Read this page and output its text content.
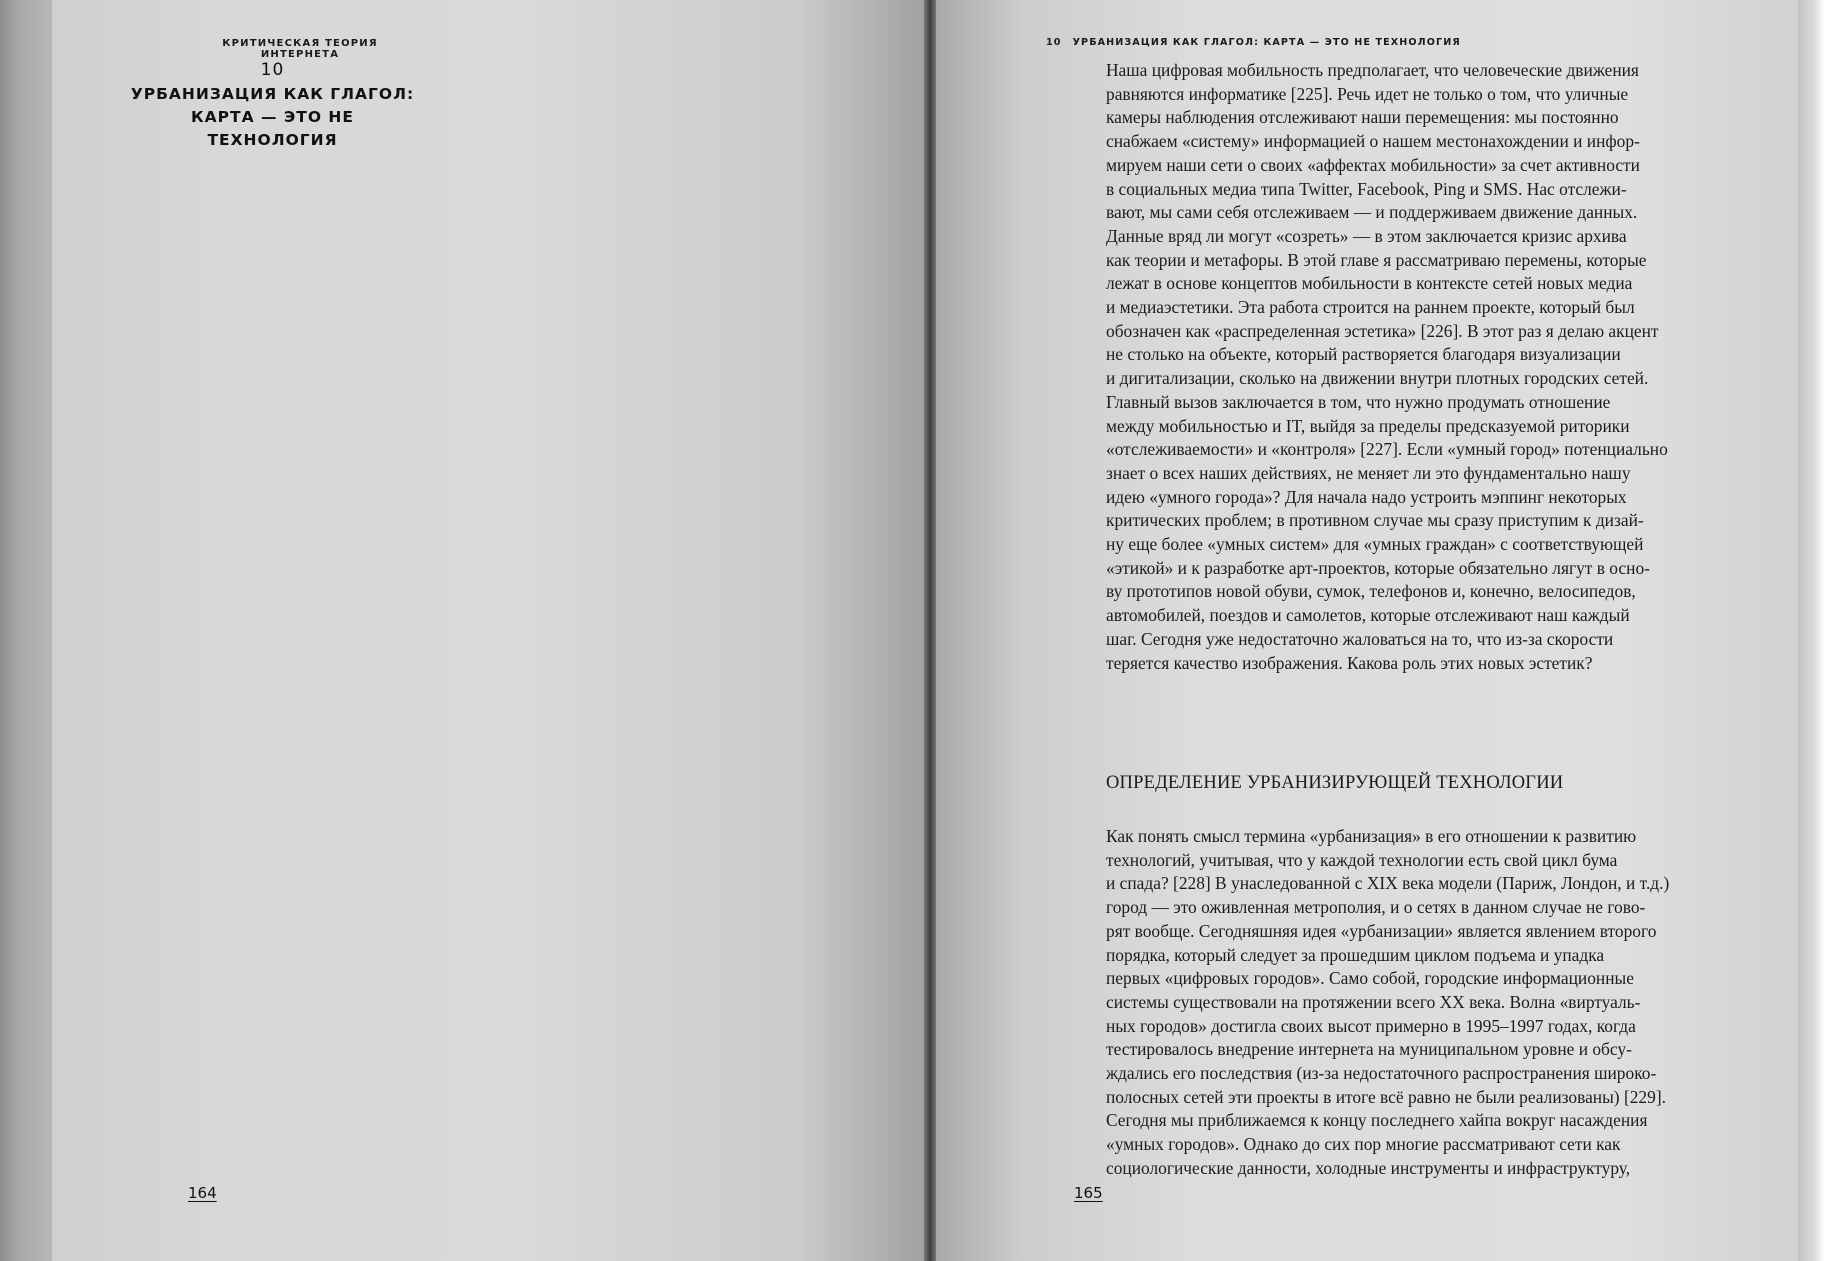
КРИТИЧЕСКАЯ ТЕОРИЯ ИНТЕРНЕТА
10
УРБАНИЗАЦИЯ КАК ГЛАГОЛ:
КАРТА — ЭТО НЕ ТЕХНОЛОГИЯ
164
10 УРБАНИЗАЦИЯ КАК ГЛАГОЛ: КАРТА — ЭТО НЕ ТЕХНОЛОГИЯ
Наша цифровая мобильность предполагает, что человеческие движения
равняются информатике [225]. Речь идет не только о том, что уличные
камеры наблюдения отслеживают наши перемещения: мы постоянно
снабжаем «систему» информацией о нашем местонахождении и инфор-
мируем наши сети о своих «аффектах мобильности» за счет активности
в социальных медиа типа Twitter, Facebook, Ping и SMS. Нас отслежи-
вают, мы сами себя отслеживаем — и поддерживаем движение данных.
Данные вряд ли могут «созреть» — в этом заключается кризис архива
как теории и метафоры. В этой главе я рассматриваю перемены, которые
лежат в основе концептов мобильности в контексте сетей новых медиа
и медиаэстетики. Эта работа строится на раннем проекте, который был
обозначен как «распределенная эстетика» [226]. В этот раз я делаю акцент
не столько на объекте, который растворяется благодаря визуализации
и дигитализации, сколько на движении внутри плотных городских сетей.
Главный вызов заключается в том, что нужно продумать отношение
между мобильностью и IT, выйдя за пределы предсказуемой риторики
«отслеживаемости» и «контроля» [227]. Если «умный город» потенциально
знает о всех наших действиях, не меняет ли это фундаментально нашу
идею «умного города»? Для начала надо устроить мэппинг некоторых
критических проблем; в противном случае мы сразу приступим к дизай-
ну еще более «умных систем» для «умных граждан» с соответствующей
«этикой» и к разработке арт-проектов, которые обязательно лягут в осно-
ву прототипов новой обуви, сумок, телефонов и, конечно, велосипедов,
автомобилей, поездов и самолетов, которые отслеживают наш каждый
шаг. Сегодня уже недостаточно жаловаться на то, что из-за скорости
теряется качество изображения. Какова роль этих новых эстетик?
ОПРЕДЕЛЕНИЕ УРБАНИЗИРУЮЩЕЙ ТЕХНОЛОГИИ
Как понять смысл термина «урбанизация» в его отношении к развитию
технологий, учитывая, что у каждой технологии есть свой цикл бума
и спада? [228] В унаследованной с XIX века модели (Париж, Лондон, и т.д.)
город — это оживленная метрополия, и о сетях в данном случае не гово-
рят вообще. Сегодняшняя идея «урбанизации» является явлением второго
порядка, который следует за прошедшим циклом подъема и упадка
первых «цифровых городов». Само собой, городские информационные
системы существовали на протяжении всего XX века. Волна «виртуаль-
ных городов» достигла своих высот примерно в 1995–1997 годах, когда
тестировалось внедрение интернета на муниципальном уровне и обсу-
ждались его последствия (из-за недостаточного распространения широко-
полосных сетей эти проекты в итоге всё равно не были реализованы) [229].
Сегодня мы приближаемся к концу последнего хайпа вокруг насаждения
«умных городов». Однако до сих пор многие рассматривают сети как
социологические данности, холодные инструменты и инфраструктуру,
165
